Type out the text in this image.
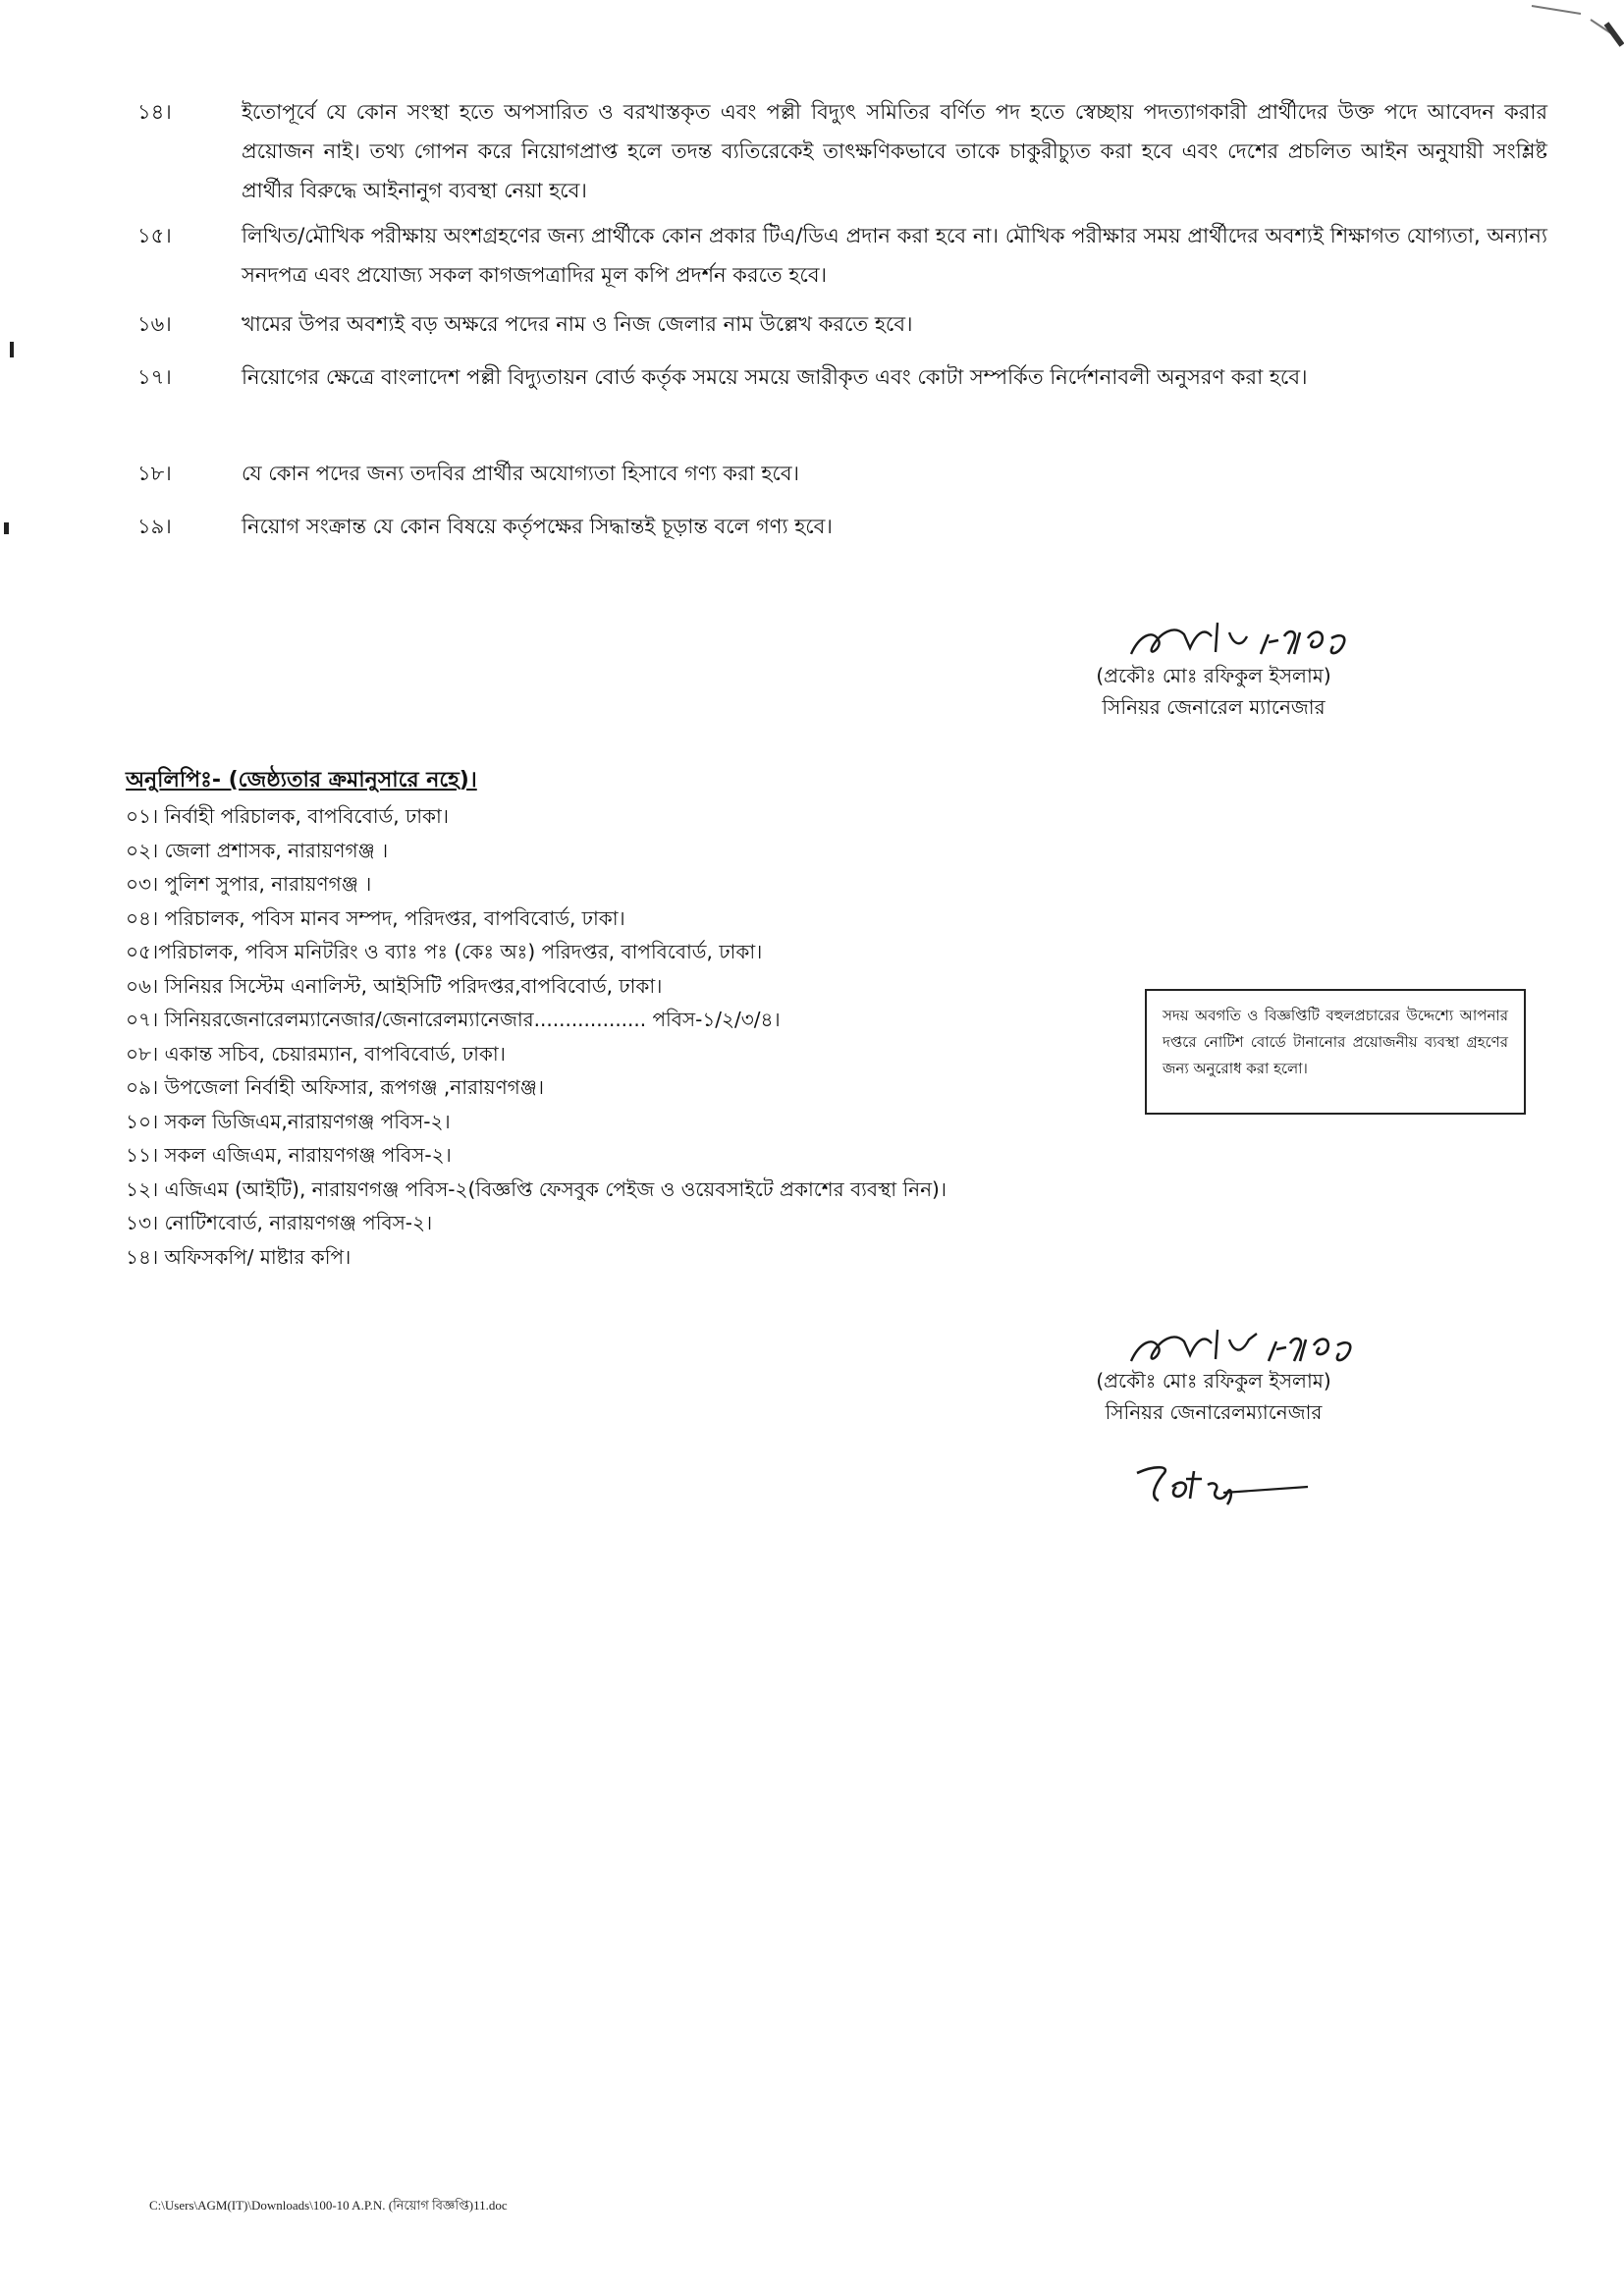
১৪।	ইতোপূর্বে যে কোন সংস্থা হতে অপসারিত ও বরখাস্তকৃত এবং পল্লী বিদ্যুৎ সমিতির বর্ণিত পদ হতে স্বেচ্ছায় পদত্যাগকারী প্রার্থীদের উক্ত পদে আবেদন করার প্রয়োজন নাই। তথ্য গোপন করে নিয়োগপ্রাপ্ত হলে তদন্ত ব্যতিরেকেই তাৎক্ষণিকভাবে তাকে চাকুরীচ্যুত করা হবে এবং দেশের প্রচলিত আইন অনুযায়ী সংশ্লিষ্ট প্রার্থীর বিরুদ্ধে আইনানুগ ব্যবস্থা নেয়া হবে।
১৫।	লিখিত/মৌখিক পরীক্ষায় অংশগ্রহণের জন্য প্রার্থীকে কোন প্রকার টিএ/ডিএ প্রদান করা হবে না। মৌখিক পরীক্ষার সময় প্রার্থীদের অবশ্যই শিক্ষাগত যোগ্যতা, অন্যান্য সনদপত্র এবং প্রযোজ্য সকল কাগজপত্রাদির মূল কপি প্রদর্শন করতে হবে।
১৬।	খামের উপর অবশ্যই বড় অক্ষরে পদের নাম ও নিজ জেলার নাম উল্লেখ করতে হবে।
১৭।	নিয়োগের ক্ষেত্রে বাংলাদেশ পল্লী বিদ্যুতায়ন বোর্ড কর্তৃক সময়ে সময়ে জারীকৃত এবং কোটা সম্পর্কিত নির্দেশনাবলী অনুসরণ করা হবে।
১৮।	যে কোন পদের জন্য তদবির প্রার্থীর অযোগ্যতা হিসাবে গণ্য করা হবে।
১৯।	নিয়োগ সংক্রান্ত যে কোন বিষয়ে কর্তৃপক্ষের সিদ্ধান্তই চূড়ান্ত বলে গণ্য হবে।
(প্রকৌঃ মোঃ রফিকুল ইসলাম)
সিনিয়র জেনারেল ম্যানেজার
অনুলিপিঃ- (জেষ্ঠ্যতার ক্রমানুসারে নহে)।
০১। নির্বাহী পরিচালক, বাপবিবোর্ড, ঢাকা।
০২। জেলা প্রশাসক, নারায়ণগঞ্জ ।
০৩। পুলিশ সুপার, নারায়ণগঞ্জ ।
০৪। পরিচালক, পবিস মানব সম্পদ, পরিদপ্তর, বাপবিবোর্ড, ঢাকা।
০৫।পরিচালক, পবিস মনিটরিং ও ব্যাঃ পঃ (কেঃ অঃ) পরিদপ্তর, বাপবিবোর্ড, ঢাকা।
০৬। সিনিয়র সিস্টেম এনালিস্ট, আইসিটি পরিদপ্তর,বাপবিবোর্ড, ঢাকা।
০৭। সিনিয়রজেনারেলম্যানেজার/জেনারেলম্যানেজার.................. পবিস-১/২/৩/৪।
০৮। একান্ত সচিব, চেয়ারম্যান, বাপবিবোর্ড, ঢাকা।
০৯। উপজেলা নির্বাহী অফিসার, রূপগঞ্জ ,নারায়ণগঞ্জ।
১০। সকল ডিজিএম,নারায়ণগঞ্জ পবিস-২।
১১। সকল এজিএম, নারায়ণগঞ্জ পবিস-২।
১২। এজিএম (আইটি), নারায়ণগঞ্জ পবিস-২(বিজ্ঞপ্তি ফেসবুক পেইজ ও ওয়েবসাইটে প্রকাশের ব্যবস্থা নিন)।
১৩। নোটিশবোর্ড, নারায়ণগঞ্জ পবিস-২।
১৪। অফিসকপি/ মাষ্টার কপি।
সদয় অবগতি ও বিজ্ঞপ্তিটি বহুলপ্রচারের উদ্দেশ্যে আপনার দপ্তরে নোটিশ বোর্ডে টানানোর প্রয়োজনীয় ব্যবস্থা গ্রহণের জন্য অনুরোধ করা হলো।
(প্রকৌঃ মোঃ রফিকুল ইসলাম)
সিনিয়র জেনারেলম্যানেজার
C:\Users\AGM(IT)\Downloads\100-10 A.P.N. (নিয়োগ বিজ্ঞপ্তি)11.doc
